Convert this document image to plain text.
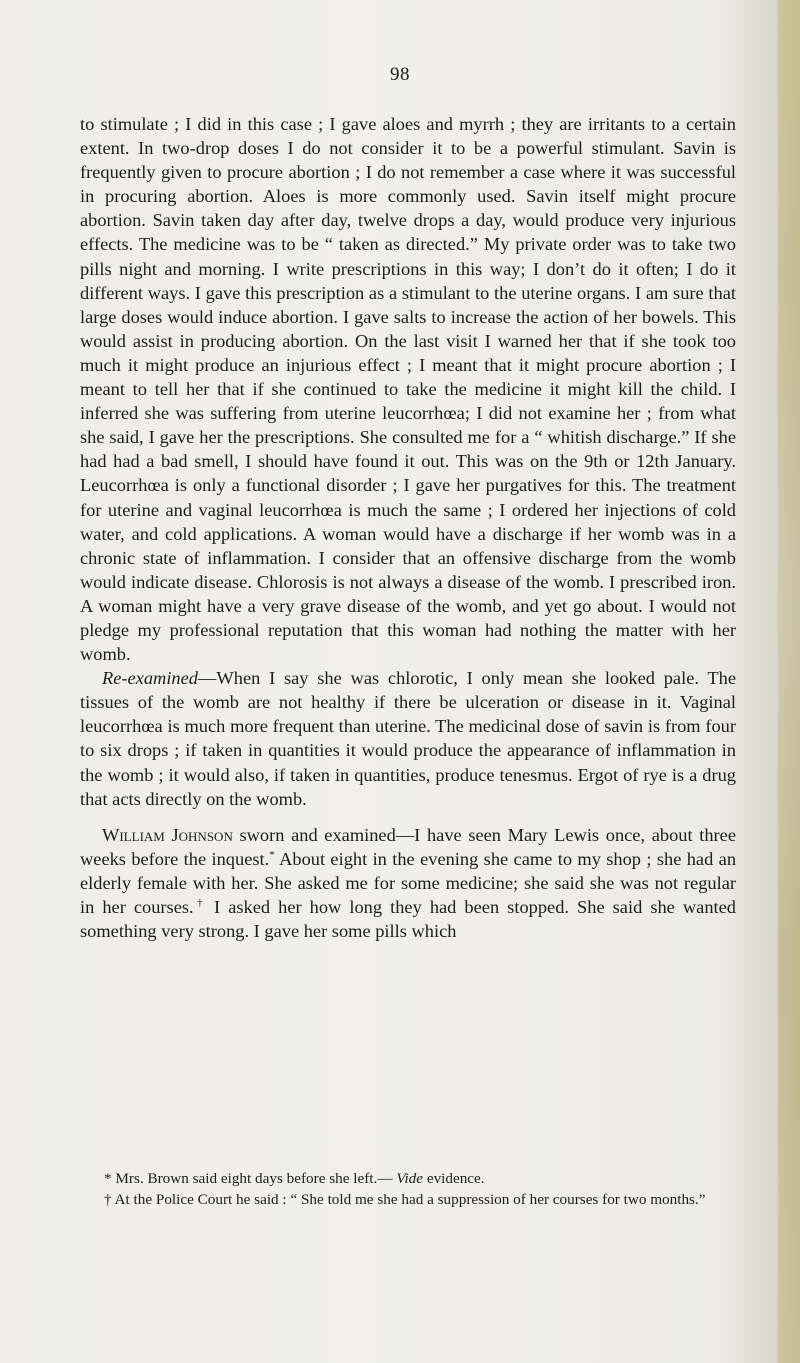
98

to stimulate ; I did in this case ; I gave aloes and myrrh ; they are irritants to a certain extent. In two-drop doses I do not consider it to be a powerful stimulant. Savin is frequently given to procure abortion ; I do not remember a case where it was successful in procuring abortion. Aloes is more commonly used. Savin itself might procure abortion. Savin taken day after day, twelve drops a day, would produce very injurious effects. The medicine was to be “ taken as directed.” My private order was to take two pills night and morning. I write prescriptions in this way; I don’t do it often; I do it different ways. I gave this prescription as a stimulant to the uterine organs. I am sure that large doses would induce abortion. I gave salts to increase the action of her bowels. This would assist in producing abortion. On the last visit I warned her that if she took too much it might produce an injurious effect ; I meant that it might procure abortion ; I meant to tell her that if she continued to take the medicine it might kill the child. I inferred she was suffering from uterine leucorrhœa; I did not examine her ; from what she said, I gave her the prescriptions. She consulted me for a “ whitish discharge.” If she had had a bad smell, I should have found it out. This was on the 9th or 12th January. Leucorrhœa is only a functional disorder ; I gave her purgatives for this. The treatment for uterine and vaginal leucorrhœa is much the same ; I ordered her injections of cold water, and cold applications. A woman would have a discharge if her womb was in a chronic state of inflammation. I consider that an offensive discharge from the womb would indicate disease. Chlorosis is not always a disease of the womb. I prescribed iron. A woman might have a very grave disease of the womb, and yet go about. I would not pledge my professional reputation that this woman had nothing the matter with her womb.

Re-examined—When I say she was chlorotic, I only mean she looked pale. The tissues of the womb are not healthy if there be ulceration or disease in it. Vaginal leucorrhœa is much more frequent than uterine. The medicinal dose of savin is from four to six drops ; if taken in quantities it would produce the appearance of inflammation in the womb ; it would also, if taken in quantities, produce tenesmus. Ergot of rye is a drug that acts directly on the womb.

William Johnson sworn and examined—I have seen Mary Lewis once, about three weeks before the inquest.* About eight in the evening she came to my shop ; she had an elderly female with her. She asked me for some medicine; she said she was not regular in her courses.† I asked her how long they had been stopped. She said she wanted something very strong. I gave her some pills which

* Mrs. Brown said eight days before she left.— Vide evidence.

† At the Police Court he said : “ She told me she had a suppression of her courses for two months.”
